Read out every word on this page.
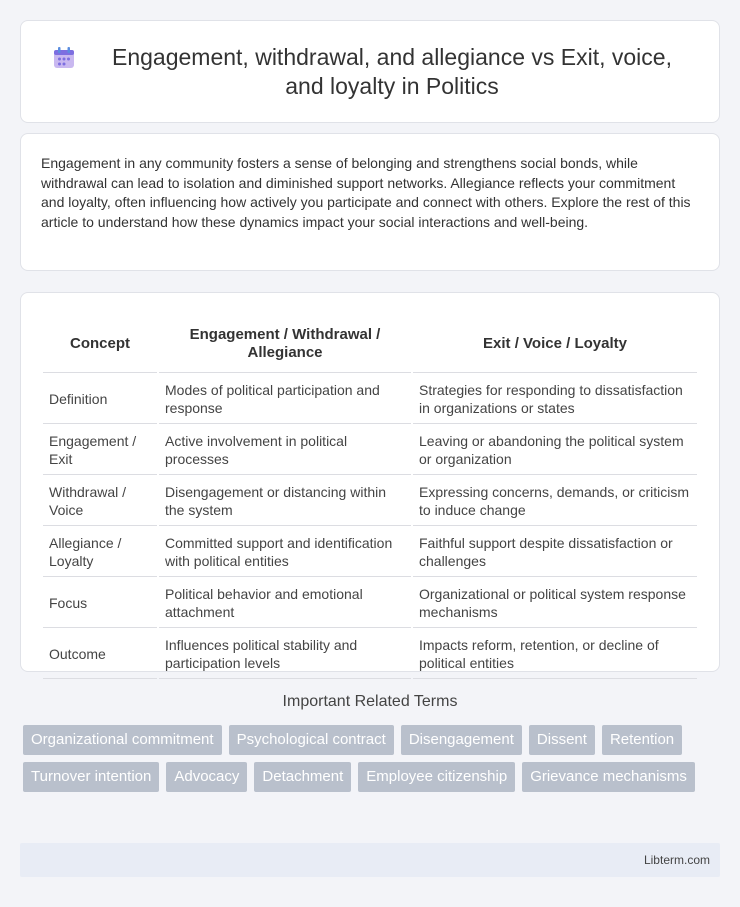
Engagement, withdrawal, and allegiance vs Exit, voice, and loyalty in Politics

Engagement in any community fosters a sense of belonging and strengthens social bonds, while withdrawal can lead to isolation and diminished support networks. Allegiance reflects your commitment and loyalty, often influencing how actively you participate and connect with others. Explore the rest of this article to understand how these dynamics impact your social interactions and well-being.

Concept	Engagement / Withdrawal / Allegiance	Exit / Voice / Loyalty
Definition	Modes of political participation and response	Strategies for responding to dissatisfaction in organizations or states
Engagement / Exit	Active involvement in political processes	Leaving or abandoning the political system or organization
Withdrawal / Voice	Disengagement or distancing within the system	Expressing concerns, demands, or criticism to induce change
Allegiance / Loyalty	Committed support and identification with political entities	Faithful support despite dissatisfaction or challenges
Focus	Political behavior and emotional attachment	Organizational or political system response mechanisms
Outcome	Influences political stability and participation levels	Impacts reform, retention, or decline of political entities
Important Related Terms
Organizational commitment	Psychological contract	Disengagement	Dissent	Retention
Turnover intention	Advocacy	Detachment	Employee citizenship	Grievance mechanisms
Libterm.com
